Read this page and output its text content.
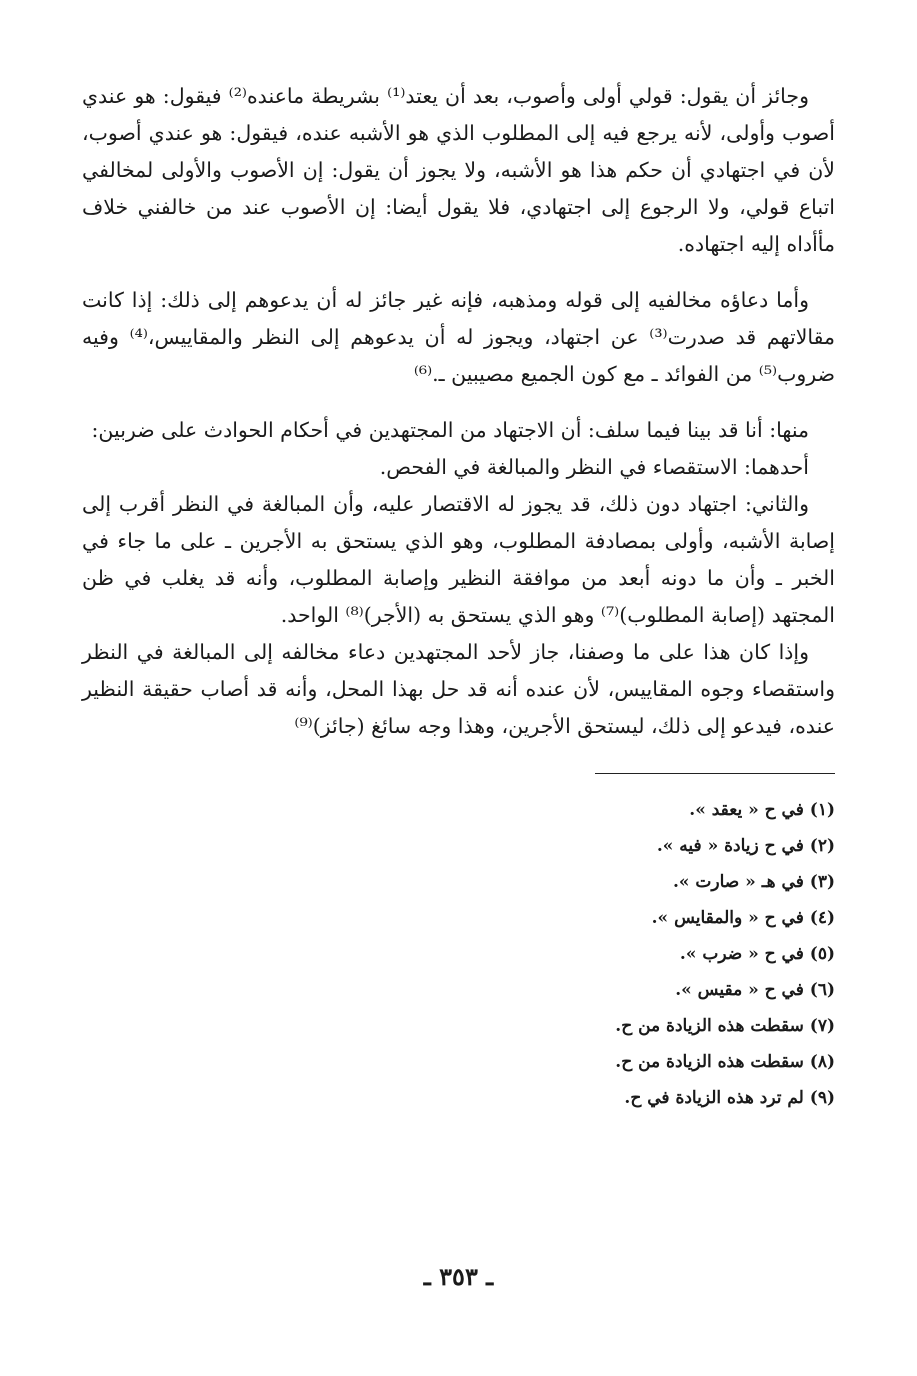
وجائز أن يقول: قولي أولى وأصوب، بعد أن يعتد⁽¹⁾ بشريطة ماعنده⁽²⁾ فيقول: هو عندي أصوب وأولى، لأنه يرجع فيه إلى المطلوب الذي هو الأشبه عنده، فيقول: هو عندي أصوب، لأن في اجتهادي أن حكم هذا هو الأشبه، ولا يجوز أن يقول: إن الأصوب والأولى لمخالفي اتباع قولي، ولا الرجوع إلى اجتهادي، فلا يقول أيضا: إن الأصوب عند من خالفني خلاف مأأداه إليه اجتهاده.

وأما دعاؤه مخالفيه إلى قوله ومذهبه، فإنه غير جائز له أن يدعوهم إلى ذلك: إذا كانت مقالاتهم قد صدرت⁽³⁾ عن اجتهاد، ويجوز له أن يدعوهم إلى النظر والمقاييس،⁽⁴⁾ وفيه ضروب⁽⁵⁾ من الفوائد ـ مع كون الجميع مصيبين ـ.⁽⁶⁾

منها: أنا قد بينا فيما سلف: أن الاجتهاد من المجتهدين في أحكام الحوادث على ضربين:

أحدهما: الاستقصاء في النظر والمبالغة في الفحص.

والثاني: اجتهاد دون ذلك، قد يجوز له الاقتصار عليه، وأن المبالغة في النظر أقرب إلى إصابة الأشبه، وأولى بمصادفة المطلوب، وهو الذي يستحق به الأجرين ـ على ما جاء في الخبر ـ وأن ما دونه أبعد من موافقة النظير وإصابة المطلوب، وأنه قد يغلب في ظن المجتهد (إصابة المطلوب)⁽⁷⁾ وهو الذي يستحق به (الأجر)⁽⁸⁾ الواحد.

وإذا كان هذا على ما وصفنا، جاز لأحد المجتهدين دعاء مخالفه إلى المبالغة في النظر واستقصاء وجوه المقاييس، لأن عنده أنه قد حل بهذا المحل، وأنه قد أصاب حقيقة النظير عنده، فيدعو إلى ذلك، ليستحق الأجرين، وهذا وجه سائغ (جائز)⁽⁹⁾

(١) في ح « يعقد ».
(٢) في ح زيادة « فيه ».
(٣) في هـ « صارت ».
(٤) في ح « والمقايس ».
(٥) في ح « ضرب ».
(٦) في ح « مقيس ».
(٧) سقطت هذه الزيادة من ح.
(٨) سقطت هذه الزيادة من ح.
(٩) لم ترد هذه الزيادة في ح.
ـ ٣٥٣ ـ
